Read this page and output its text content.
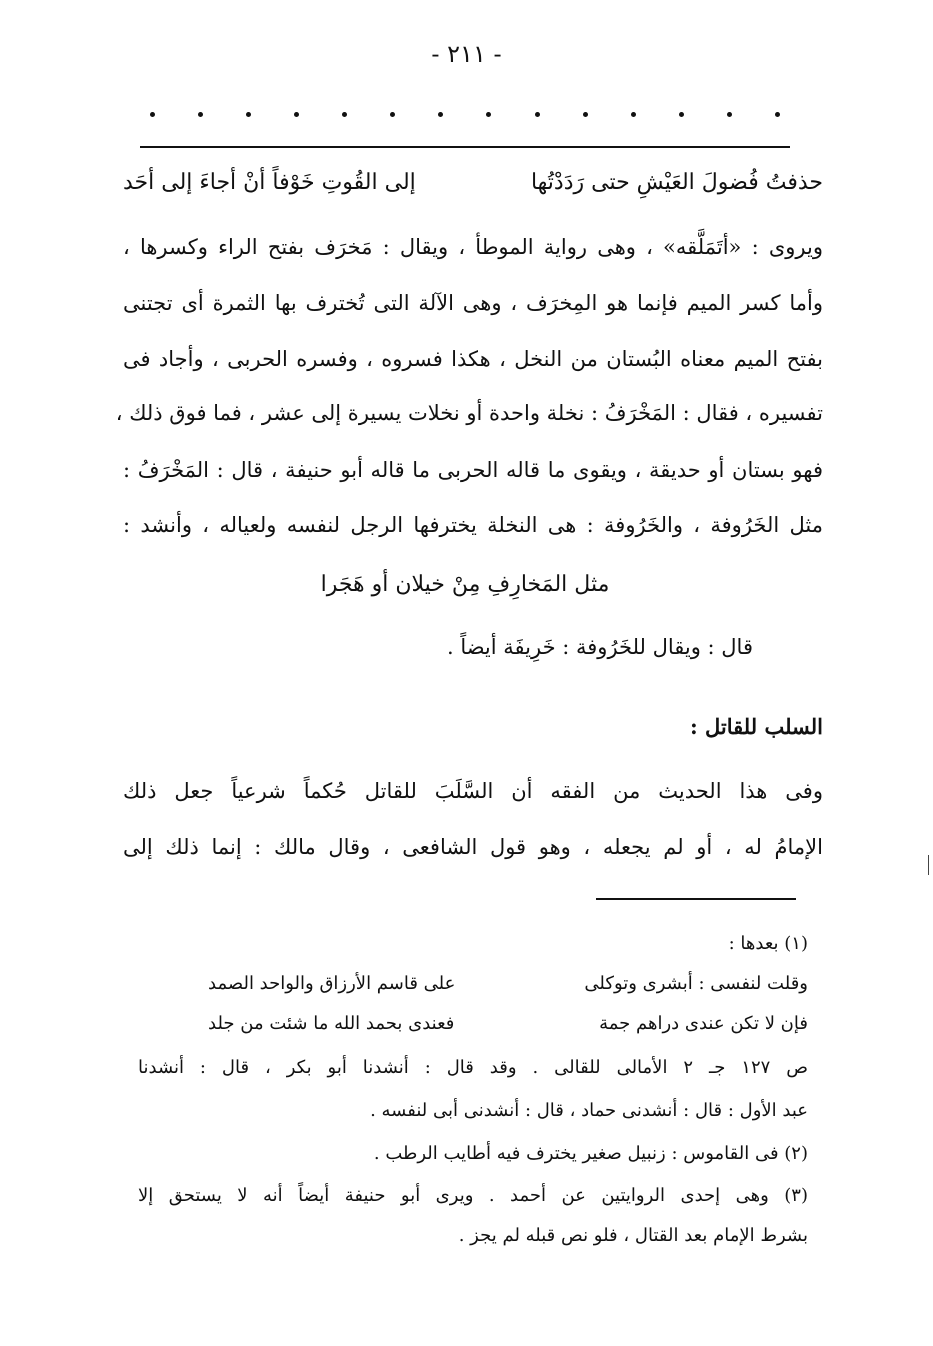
- ٢١١ -
حذفتُ فُضولَ العَيْشِ حتى رَدَدْتُها
إلى القُوتِ خَوْفاً أنْ أجاءَ إلى أحَد
ويروى : «أتَمَلَّقه» ، وهى رواية الموطأ ، ويقال : مَخرَف بفتح الراء وكسرها ،
وأما كسر الميم فإنما هو المِخرَف ، وهى الآلة التى تُخترف بها الثمرة أى تجتنى
بفتح الميم معناه البُستان من النخل ، هكذا فسروه ، وفسره الحربى ، وأجاد فى
تفسيره ، فقال : المَخْرَفُ : نخلة واحدة أو نخلات يسيرة إلى عشر ، فما فوق ذلك ،
فهو بستان أو حديقة ، ويقوى ما قاله الحربى ما قاله أبو حنيفة ، قال : المَخْرَفُ :
مثل الخَرُوفة ، والخَرُوفة : هى النخلة يخترفها الرجل لنفسه ولعياله ، وأنشد :
مثل المَخارِفِ مِنْ خيلان أو هَجَرا
قال : ويقال للخَرُوفة : خَرِيفَة أيضاً .
السلب للقاتل :
وفى هذا الحديث من الفقه أن السَّلَبَ للقاتل حُكماً شرعياً جعل ذلك
الإمامُ له ، أو لم يجعله ، وهو قول الشافعى ، وقال مالك : إنما ذلك إلى
(١) بعدها :
وقلت لنفسى : أبشرى وتوكلى
على قاسم الأرزاق والواحد الصمد
فإن لا تكن عندى دراهم جمة
فعندى بحمد الله ما شئت من جلد
ص ١٢٧ جـ ٢ الأمالى للقالى . وقد قال : أنشدنا أبو بكر ، قال : أنشدنا
عبد الأول : قال : أنشدنى حماد ، قال : أنشدنى أبى لنفسه .
(٢) فى القاموس : زنبيل صغير يخترف فيه أطايب الرطب .
(٣) وهى إحدى الروايتين عن أحمد . ويرى أبو حنيفة أيضاً أنه لا يستحق إلا
بشرط الإمام بعد القتال ، فلو نص قبله لم يجز .
